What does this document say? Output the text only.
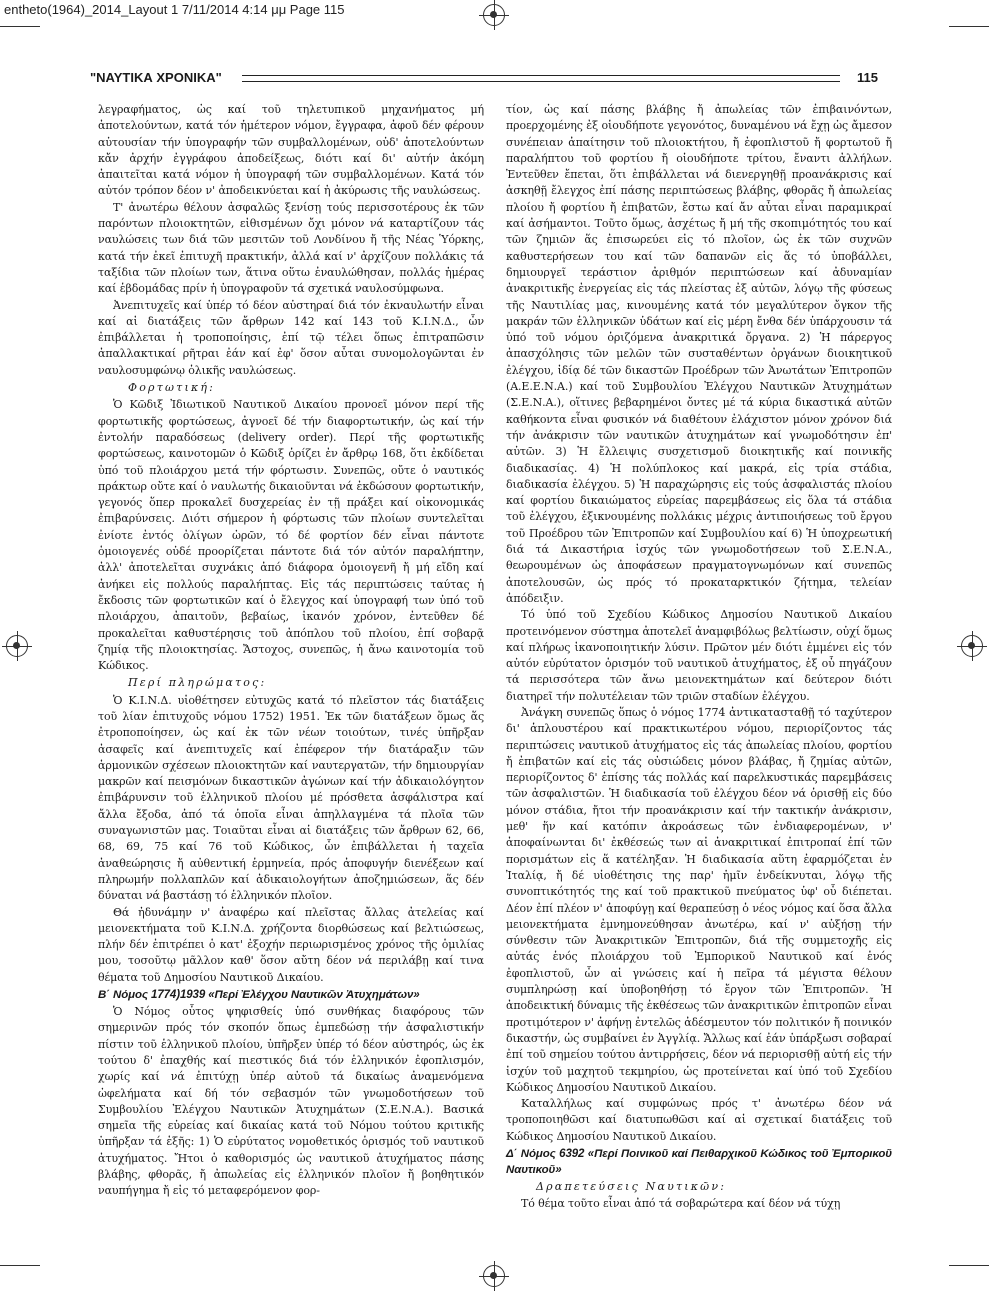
entheto(1964)_2014_Layout 1 7/11/2014 4:14 μμ Page 115
"ΝΑΥΤΙΚΑ ΧΡΟΝΙΚΑ"	115

λεγραφήματος, ὡς καί τοῦ τηλετυπικοῦ μηχανήματος μή ἀποτελούντων, κατά τόν ἡμέτερον νόμον, ἔγγραφα, ἀφοῦ δέν φέρουν αὐτουσίαν τήν ὑπογραφήν τῶν συμβαλλομένων, οὐδ' ἀποτελούντων κἄν ἀρχήν ἐγγράφου ἀποδείξεως, διότι καί δι' αὐτήν ἀκόμη ἀπαιτεῖται κατά νόμον ἡ ὑπογραφή τῶν συμβαλλομένων. Κατά τόν αὐτόν τρόπον δέον ν' ἀποδεικνύεται καί ἡ ἀκύρωσις τῆς ναυλώσεως.

Τ' ἀνωτέρω θέλουν ἀσφαλῶς ξενίσῃ τούς περισσοτέρους ἐκ τῶν παρόντων πλοιοκτητῶν, εἰθισμένων ὄχι μόνον νά καταρτίζουν τάς ναυλώσεις των διά τῶν μεσιτῶν τοῦ Λονδίνου ἤ τῆς Νέας Ὑόρκης, κατά τήν ἐκεῖ ἐπιτυχῆ πρακτικήν, ἀλλά καί ν' ἀρχίζουν πολλάκις τά ταξίδια τῶν πλοίων των, ἅτινα οὕτω ἐναυλώθησαν, πολλάς ἡμέρας καί ἑβδομάδας πρίν ἡ ὑπογραφοῦν τά σχετικά ναυλοσύμφωνα.

Ἀνεπιτυχεῖς καί ὑπέρ τό δέον αὐστηραί διά τόν ἐκναυλωτήν εἶναι καί αἱ διατάξεις τῶν ἄρθρων 142 καί 143 τοῦ Κ.Ι.Ν.Δ., ὧν ἐπιβάλλεται ἡ τροποποίησις, ἐπί τῷ τέλει ὅπως ἐπιτραπῶσιν ἀπαλλακτικαί ρῆτραι ἐάν καί ἐφ' ὅσον αὗται συνομολογῶνται ἐν ναυλοσυμφώνῳ ὁλικῆς ναυλώσεως.

Φορτωτική:

Ὁ Κῶδιξ Ἰδιωτικοῦ Ναυτικοῦ Δικαίου προνοεῖ μόνον περί τῆς φορτωτικῆς φορτώσεως, ἀγνοεῖ δέ τήν διαφορτωτικήν, ὡς καί τήν ἐντολήν παραδόσεως (delivery order). Περί τῆς φορτωτικῆς φορτώσεως, καινοτομῶν ὁ Κῶδιξ ὁρίζει ἐν ἄρθρῳ 168, ὅτι ἐκδίδεται ὑπό τοῦ πλοιάρχου μετά τήν φόρτωσιν. Συνεπῶς, οὔτε ὁ ναυτικός πράκτωρ οὔτε καί ὁ ναυλωτής δικαιοῦνται νά ἐκδώσουν φορτωτικήν, γεγονός ὅπερ προκαλεῖ δυσχερείας ἐν τῇ πράξει καί οἰκονομικάς ἐπιβαρύνσεις. Διότι σήμερον ἡ φόρτωσις τῶν πλοίων συντελεῖται ἐνίοτε ἐντός ὀλίγων ὡρῶν, τό δέ φορτίον δέν εἶναι πάντοτε ὁμοιογενές οὐδέ προορίζεται πάντοτε διά τόν αὐτόν παραλήπτην, ἀλλ' ἀποτελεῖται συχνάκις ἀπό διάφορα ὁμοιογενῆ ἤ μή εἴδη καί ἀνήκει εἰς πολλούς παραλήπτας. Εἰς τάς περιπτώσεις ταύτας ἡ ἔκδοσις τῶν φορτωτικῶν καί ὁ ἔλεγχος καί ὑπογραφή των ὑπό τοῦ πλοιάρχου, ἀπαιτοῦν, βεβαίως, ἱκανόν χρόνον, ἐντεῦθεν δέ προκαλεῖται καθυστέρησις τοῦ ἀπόπλου τοῦ πλοίου, ἐπί σοβαρᾷ ζημίᾳ τῆς πλοιοκτησίας. Ἄστοχος, συνεπῶς, ἡ ἄνω καινοτομία τοῦ Κώδικος.

Περί πληρώματος:

Ὁ Κ.Ι.Ν.Δ. υἱοθέτησεν εὐτυχῶς κατά τό πλεῖστον τάς διατάξεις τοῦ λίαν ἐπιτυχοῦς νόμου 1752) 1951. Ἐκ τῶν διατάξεων ὅμως ἅς ἐτροποποίησεν, ὡς καί ἐκ τῶν νέων τοιούτων, τινές ὑπῆρξαν ἀσαφεῖς καί ἀνεπιτυχεῖς καί ἐπέφερον τήν διατάραξιν τῶν ἁρμονικῶν σχέσεων πλοιοκτητῶν καί ναυτεργατῶν, τήν δημιουργίαν μακρῶν καί πεισμόνων δικαστικῶν ἀγώνων καί τήν ἀδικαιολόγητον ἐπιβάρυνσιν τοῦ ἑλληνικοῦ πλοίου μέ πρόσθετα ἀσφάλιστρα καί ἄλλα ἔξοδα, ἀπό τά ὁποῖα εἶναι ἀπηλλαγμένα τά πλοῖα τῶν συναγωνιστῶν μας. Τοιαῦται εἶναι αἱ διατάξεις τῶν ἄρθρων 62, 66, 68, 69, 75 καί 76 τοῦ Κώδικος, ὧν ἐπιβάλλεται ἡ ταχεῖα ἀναθεώρησις ἤ αὐθεντική ἑρμηνεία, πρός ἀποφυγήν διενέξεων καί πληρωμήν πολλαπλῶν καί ἀδικαιολογήτων ἀποζημιώσεων, ἅς δέν δύναται νά βαστάσῃ τό ἑλληνικόν πλοῖον.

Θά ἠδυνάμην ν' ἀναφέρω καί πλεῖστας ἄλλας ἀτελείας καί μειονεκτήματα τοῦ Κ.Ι.Ν.Δ. χρήζοντα διορθώσεως καί βελτιώσεως, πλήν δέν ἐπιτρέπει ὁ κατ' ἐξοχήν περιωρισμένος χρόνος τῆς ὁμιλίας μου, τοσοῦτῳ μᾶλλον καθ' ὅσον αὔτη δέον νά περιλάβῃ καί τινα θέματα τοῦ Δημοσίου Ναυτικοῦ Δικαίου.

Β΄ Νόμος 1774)1939 «Περί Ἐλέγχου Ναυτικῶν Ἀτυχημάτων»

Ὁ Νόμος οὗτος ψηφισθείς ὑπό συνθήκας διαφόρους τῶν σημερινῶν πρός τόν σκοπόν ὅπως ἐμπεδώσῃ τήν ἀσφαλιστικήν πίστιν τοῦ ἑλληνικοῦ πλοίου, ὑπῆρξεν ὑπέρ τό δέον αὐστηρός, ὡς ἐκ τούτου δ' ἐπαχθής καί πιεστικός διά τόν ἑλληνικόν ἐφοπλισμόν, χωρίς καί νά ἐπιτύχῃ ὑπέρ αὐτοῦ τά δικαίως ἀναμενόμενα ὠφελήματα καί δή τόν σεβασμόν τῶν γνωμοδοτήσεων τοῦ Συμβουλίου Ἐλέγχου Ναυτικῶν Ἀτυχημάτων (Σ.Ε.Ν.Α.). Βασικά σημεῖα τῆς εὐρείας καί δικαίας κατά τοῦ Νόμου τούτου κριτικῆς ὑπῆρξαν τά ἑξῆς: 1) Ὁ εὐρύτατος νομοθετικός ὁρισμός τοῦ ναυτικοῦ ἀτυχήματος. Ἤτοι ὁ καθορισμός ὡς ναυτικοῦ ἀτυχήματος πάσης βλάβης, φθορᾶς, ἤ ἀπωλείας εἰς ἑλληνικόν πλοῖον ἤ βοηθητικόν ναυπήγημα ἤ εἰς τό μεταφερόμενον φορ-

τίον, ὡς καί πάσης βλάβης ἤ ἀπωλείας τῶν ἐπιβαινόντων, προερχομένης ἐξ οἱουδήποτε γεγονότος, δυναμένου νά ἔχῃ ὡς ἄμεσον συνέπειαν ἀπαίτησιν τοῦ πλοιοκτήτου, ἤ ἐφοπλιστοῦ ἤ φορτωτοῦ ἤ παραλήπτου τοῦ φορτίου ἤ οἱουδήποτε τρίτου, ἔναντι ἀλλήλων. Ἐντεῦθεν ἔπεται, ὅτι ἐπιβάλλεται νά διενεργηθῇ προανάκρισις καί ἀσκηθῇ ἔλεγχος ἐπί πάσης περιπτώσεως βλάβης, φθορᾶς ἤ ἀπωλείας πλοίου ἤ φορτίου ἤ ἐπιβατῶν, ἔστω καί ἄν αὗται εἶναι παραμικραί καί ἀσήμαντοι. Τοῦτο ὅμως, ἀσχέτως ἤ μή τῆς σκοπιμότητός του καί τῶν ζημιῶν ἅς ἐπισωρεύει εἰς τό πλοῖον, ὡς ἐκ τῶν συχνῶν καθυστερήσεων του καί τῶν δαπανῶν εἰς ἅς τό ὑποβάλλει, δημιουργεῖ τεράστιον ἀριθμόν περιπτώσεων καί ἀδυναμίαν ἀνακριτικῆς ἐνεργείας εἰς τάς πλείστας ἐξ αὐτῶν, λόγῳ τῆς φύσεως τῆς Ναυτιλίας μας, κινουμένης κατά τόν μεγαλύτερον ὄγκον τῆς μακράν τῶν ἑλληνικῶν ὑδάτων καί εἰς μέρη ἔνθα δέν ὑπάρχουσιν τά ὑπό τοῦ νόμου ὁριζόμενα ἀνακριτικά ὄργανα. 2) Ἡ πάρεργος ἀπασχόλησις τῶν μελῶν τῶν συσταθέντων ὀργάνων διοικητικοῦ ἐλέγχου, ἰδίᾳ δέ τῶν δικαστῶν Προέδρων τῶν Ἀνωτάτων Ἐπιτροπῶν (Α.Ε.Ε.Ν.Α.) καί τοῦ Συμβουλίου Ἐλέγχου Ναυτικῶν Ἀτυχημάτων (Σ.Ε.Ν.Α.), οἵτινες βεβαρημένοι ὄντες μέ τά κύρια δικαστικά αὐτῶν καθήκοντα εἶναι φυσικόν νά διαθέτουν ἐλάχιστον μόνον χρόνον διά τήν ἀνάκρισιν τῶν ναυτικῶν ἀτυχημάτων καί γνωμοδότησιν ἐπ' αὐτῶν. 3) Ἡ ἔλλειψις συσχετισμοῦ διοικητικῆς καί ποινικῆς διαδικασίας. 4) Ἡ πολύπλοκος καί μακρά, εἰς τρία στάδια, διαδικασία ἐλέγχου. 5) Ἡ παραχώρησις εἰς τούς ἀσφαλιστάς πλοίου καί φορτίου δικαιώματος εὐρείας παρεμβάσεως εἰς ὅλα τά στάδια τοῦ ἐλέγχου, ἐξικνουμένης πολλάκις μέχρις ἀντιποιήσεως τοῦ ἔργου τοῦ Προέδρου τῶν Ἐπιτροπῶν καί Συμβουλίου καί 6) Ἡ ὑποχρεωτική διά τά Δικαστήρια ἰσχύς τῶν γνωμοδοτήσεων τοῦ Σ.Ε.Ν.Α., θεωρουμένων ὡς ἀποφάσεων πραγματογνωμόνων καί συνεπῶς ἀποτελουσῶν, ὡς πρός τό προκαταρκτικόν ζήτημα, τελείαν ἀπόδειξιν.

Τό ὑπό τοῦ Σχεδίου Κώδικος Δημοσίου Ναυτικοῦ Δικαίου προτεινόμενον σύστημα ἀποτελεῖ ἀναμφιβόλως βελτίωσιν, οὐχί ὅμως καί πλήρως ἱκανοποιητικήν λύσιν. Πρῶτον μέν διότι ἐμμένει εἰς τόν αὐτόν εὐρύτατον ὁρισμόν τοῦ ναυτικοῦ ἀτυχήματος, ἐξ οὗ πηγάζουν τά περισσότερα τῶν ἄνω μειονεκτημάτων καί δεύτερον διότι διατηρεῖ τήν πολυτέλειαν τῶν τριῶν σταδίων ἐλέγχου.

Ἀνάγκη συνεπῶς ὅπως ὁ νόμος 1774 ἀντικατασταθῇ τό ταχύτερον δι' ἁπλουστέρου καί πρακτικωτέρου νόμου, περιορίζοντος τάς περιπτώσεις ναυτικοῦ ἀτυχήματος εἰς τάς ἀπωλείας πλοίου, φορτίου ἤ ἐπιβατῶν καί εἰς τάς οὐσιώδεις μόνον βλάβας, ἤ ζημίας αὐτῶν, περιορίζοντος δ' ἐπίσης τάς πολλάς καί παρελκυστικάς παρεμβάσεις τῶν ἀσφαλιστῶν. Ἡ διαδικασία τοῦ ἐλέγχου δέον νά ὁρισθῇ εἰς δύο μόνον στάδια, ἤτοι τήν προανάκρισιν καί τήν τακτικήν ἀνάκρισιν, μεθ' ἥν καί κατόπιν ἀκροάσεως τῶν ἐνδιαφερομένων, ν' ἀποφαίνωνται δι' ἐκθέσεώς των αἱ ἀνακριτικαί ἐπιτροπαί ἐπί τῶν πορισμάτων εἰς ἅ κατέληξαν. Ἡ διαδικασία αὕτη ἐφαρμόζεται ἐν Ἰταλίᾳ, ἤ δέ υἱοθέτησις της παρ' ἡμῖν ἐνδείκνυται, λόγῳ τῆς συνοπτικότητός της καί τοῦ πρακτικοῦ πνεύματος ὑφ' οὗ διέπεται. Δέον ἐπί πλέον ν' ἀποφύγῃ καί θεραπεύσῃ ὁ νέος νόμος καί ὅσα ἄλλα μειονεκτήματα ἐμνημονεύθησαν ἀνωτέρω, καί ν' αὐξήσῃ τήν σύνθεσιν τῶν Ἀνακριτικῶν Ἐπιτροπῶν, διά τῆς συμμετοχῆς εἰς αὐτάς ἑνός πλοιάρχου τοῦ Ἐμπορικοῦ Ναυτικοῦ καί ἑνός ἐφοπλιστοῦ, ὧν αἱ γνώσεις καί ἡ πεῖρα τά μέγιστα θέλουν συμπληρώσῃ καί ὑποβοηθήσῃ τό ἔργον τῶν Ἐπιτροπῶν. Ἡ ἀποδεικτική δύναμις τῆς ἐκθέσεως τῶν ἀνακριτικῶν ἐπιτροπῶν εἶναι προτιμότερον ν' ἀφήνῃ ἐντελῶς ἀδέσμευτον τόν πολιτικόν ἤ ποινικόν δικαστήν, ὡς συμβαίνει ἐν Ἀγγλίᾳ. Ἄλλως καί ἐάν ὑπάρξωσι σοβαραί ἐπί τοῦ σημείου τούτου ἀντιρρήσεις, δέον νά περιορισθῇ αὐτή εἰς τήν ἰσχύν τοῦ μαχητοῦ τεκμηρίου, ὡς προτείνεται καί ὑπό τοῦ Σχεδίου Κώδικος Δημοσίου Ναυτικοῦ Δικαίου.

Καταλλήλως καί συμφώνως πρός τ' ἀνωτέρω δέον νά τροποποιηθῶσι καί διατυπωθῶσι καί αἱ σχετικαί διατάξεις τοῦ Κώδικος Δημοσίου Ναυτικοῦ Δικαίου.

Δ΄ Νόμος 6392 «Περί Ποινικοῦ καί Πειθαρχικοῦ Κώδικος τοῦ Ἐμπορικοῦ Ναυτικοῦ»

Δραπετεύσεις Ναυτικῶν:

Τό θέμα τοῦτο εἶναι ἀπό τά σοβαρώτερα καί δέον νά τύχῃ
